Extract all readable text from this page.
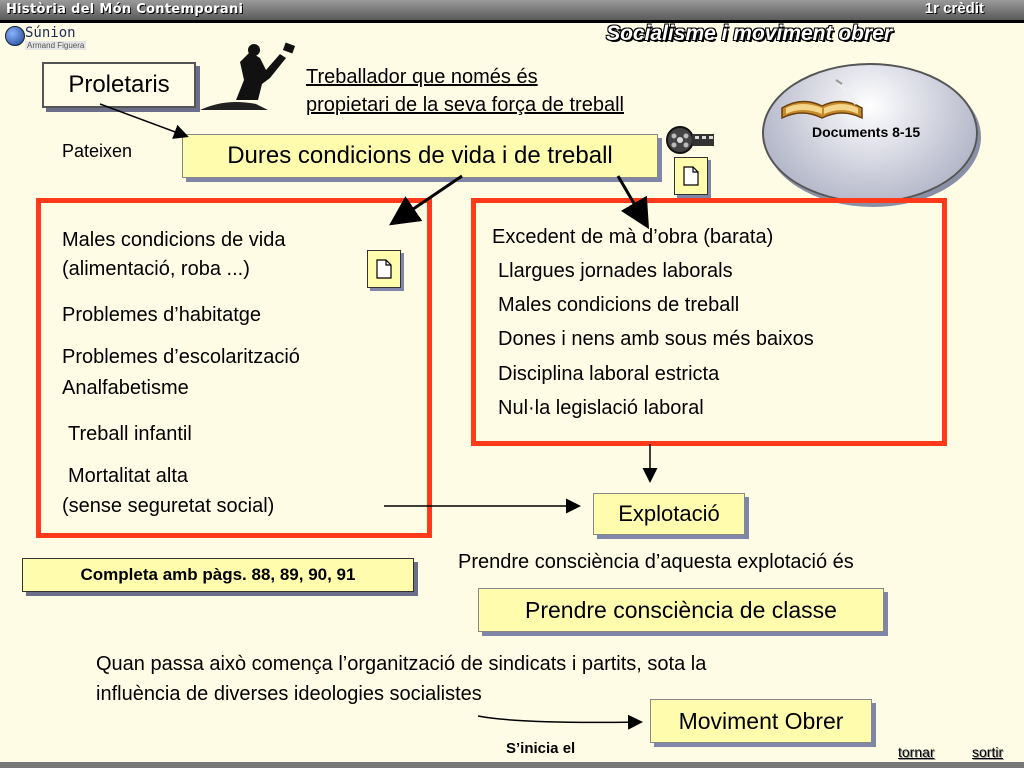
Història del Món Contemporani	1r crèdit
Socialisme i moviment obrer
Súnion
Armand Figuera
Proletaris	Treballador que només és
propietari de la seva força de treball
Documents 8-15
Pateixen	Dures condicions de vida i de treball
Males condicions de vida
(alimentació, roba ...)
Problemes d’habitatge
Problemes d’escolarització
Analfabetisme
Treball infantil
Mortalitat alta
(sense seguretat social)
Excedent de mà d’obra (barata)
Llargues jornades laborals
Males condicions de treball
Dones i nens amb sous més baixos
Disciplina laboral estricta
Nul·la legislació laboral
Explotació
Completa amb pàgs. 88, 89, 90, 91
Prendre consciència d’aquesta explotació és
Prendre consciència de classe
Quan passa això comença l’organització de sindicats i partits, sota la
influència de diverses ideologies socialistes
S’inicia el
Moviment Obrer
tornar	sortir
